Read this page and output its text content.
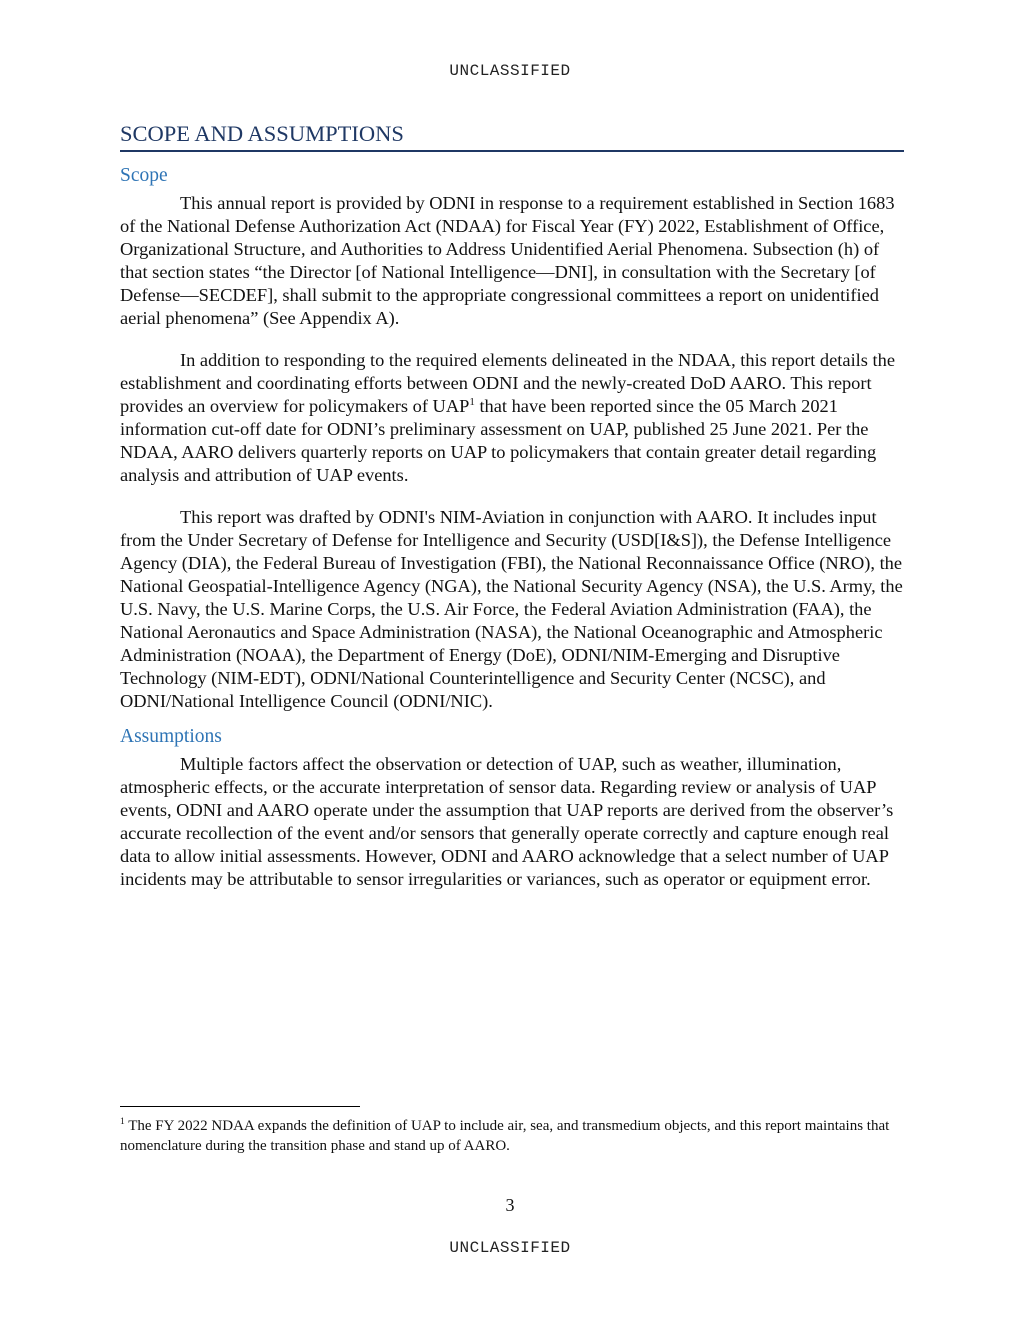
UNCLASSIFIED
SCOPE AND ASSUMPTIONS
Scope

This annual report is provided by ODNI in response to a requirement established in Section 1683 of the National Defense Authorization Act (NDAA) for Fiscal Year (FY) 2022, Establishment of Office, Organizational Structure, and Authorities to Address Unidentified Aerial Phenomena. Subsection (h) of that section states “the Director [of National Intelligence—DNI], in consultation with the Secretary [of Defense—SECDEF], shall submit to the appropriate congressional committees a report on unidentified aerial phenomena” (See Appendix A).

In addition to responding to the required elements delineated in the NDAA, this report details the establishment and coordinating efforts between ODNI and the newly-created DoD AARO. This report provides an overview for policymakers of UAP$^1$ that have been reported since the 05 March 2021 information cut-off date for ODNI’s preliminary assessment on UAP, published 25 June 2021. Per the NDAA, AARO delivers quarterly reports on UAP to policymakers that contain greater detail regarding analysis and attribution of UAP events.

This report was drafted by ODNI's NIM-Aviation in conjunction with AARO. It includes input from the Under Secretary of Defense for Intelligence and Security (USD[I&S]), the Defense Intelligence Agency (DIA), the Federal Bureau of Investigation (FBI), the National Reconnaissance Office (NRO), the National Geospatial-Intelligence Agency (NGA), the National Security Agency (NSA), the U.S. Army, the U.S. Navy, the U.S. Marine Corps, the U.S. Air Force, the Federal Aviation Administration (FAA), the National Aeronautics and Space Administration (NASA), the National Oceanographic and Atmospheric Administration (NOAA), the Department of Energy (DoE), ODNI/NIM-Emerging and Disruptive Technology (NIM-EDT), ODNI/National Counterintelligence and Security Center (NCSC), and ODNI/National Intelligence Council (ODNI/NIC).

Assumptions

Multiple factors affect the observation or detection of UAP, such as weather, illumination, atmospheric effects, or the accurate interpretation of sensor data. Regarding review or analysis of UAP events, ODNI and AARO operate under the assumption that UAP reports are derived from the observer’s accurate recollection of the event and/or sensors that generally operate correctly and capture enough real data to allow initial assessments. However, ODNI and AARO acknowledge that a select number of UAP incidents may be attributable to sensor irregularities or variances, such as operator or equipment error.

$^1$ The FY 2022 NDAA expands the definition of UAP to include air, sea, and transmedium objects, and this report maintains that nomenclature during the transition phase and stand up of AARO.
3
UNCLASSIFIED
